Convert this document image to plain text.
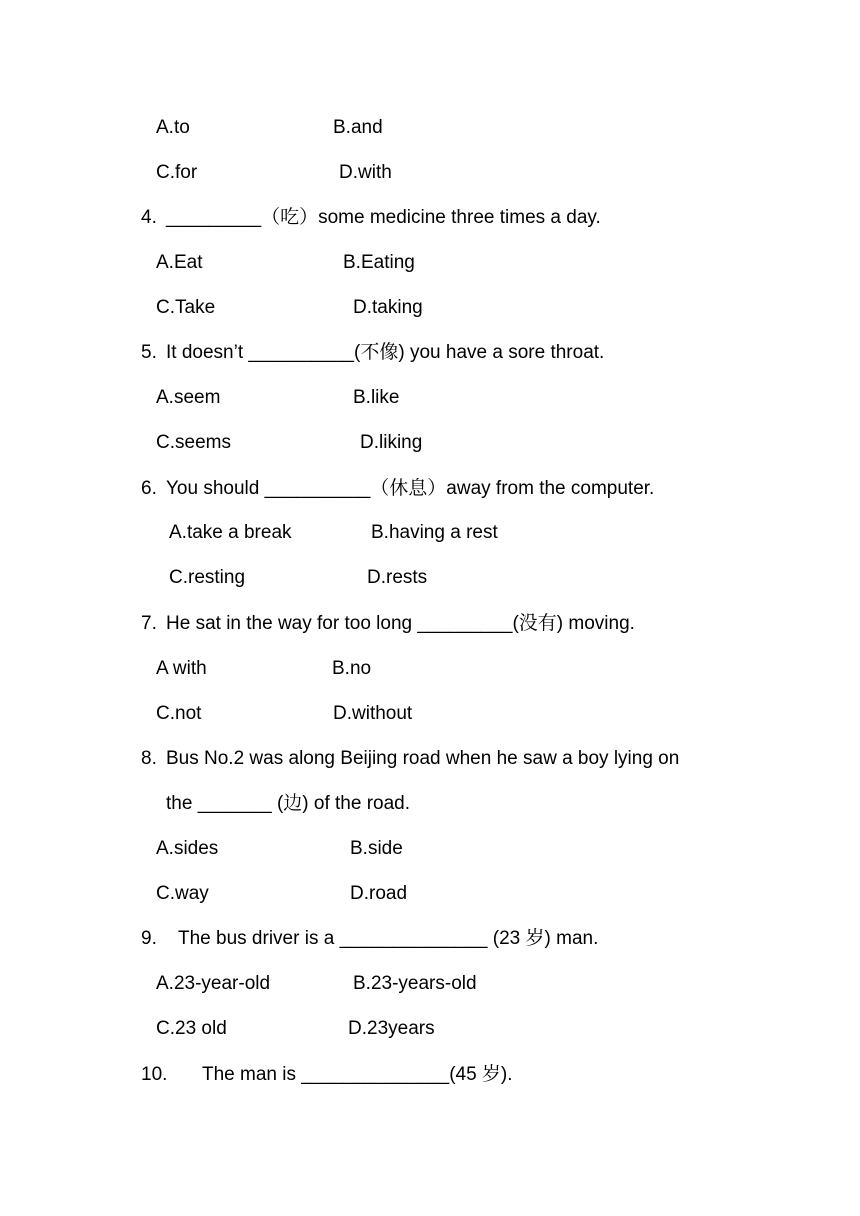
A.to	B.and
C.for	D.with
4. _________（吃）some medicine three times a day.
A.Eat	B.Eating
C.Take	D.taking
5. It doesn’t __________(不像) you have a sore throat.
A.seem	B.like
C.seems	D.liking
6. You should __________（休息）away from the computer.
A.take a break	B.having a rest
C.resting	D.rests
7. He sat in the way for too long _________(没有) moving.
A with	B.no
C.not	D.without
8. Bus No.2 was along Beijing road when he saw a boy lying on
the _______ (边) of the road.
A.sides	B.side
C.way	D.road
9. The bus driver is a ______________ (23 岁) man.
A.23-year-old	B.23-years-old
C.23 old	D.23years
10. The man is ______________(45 岁).
